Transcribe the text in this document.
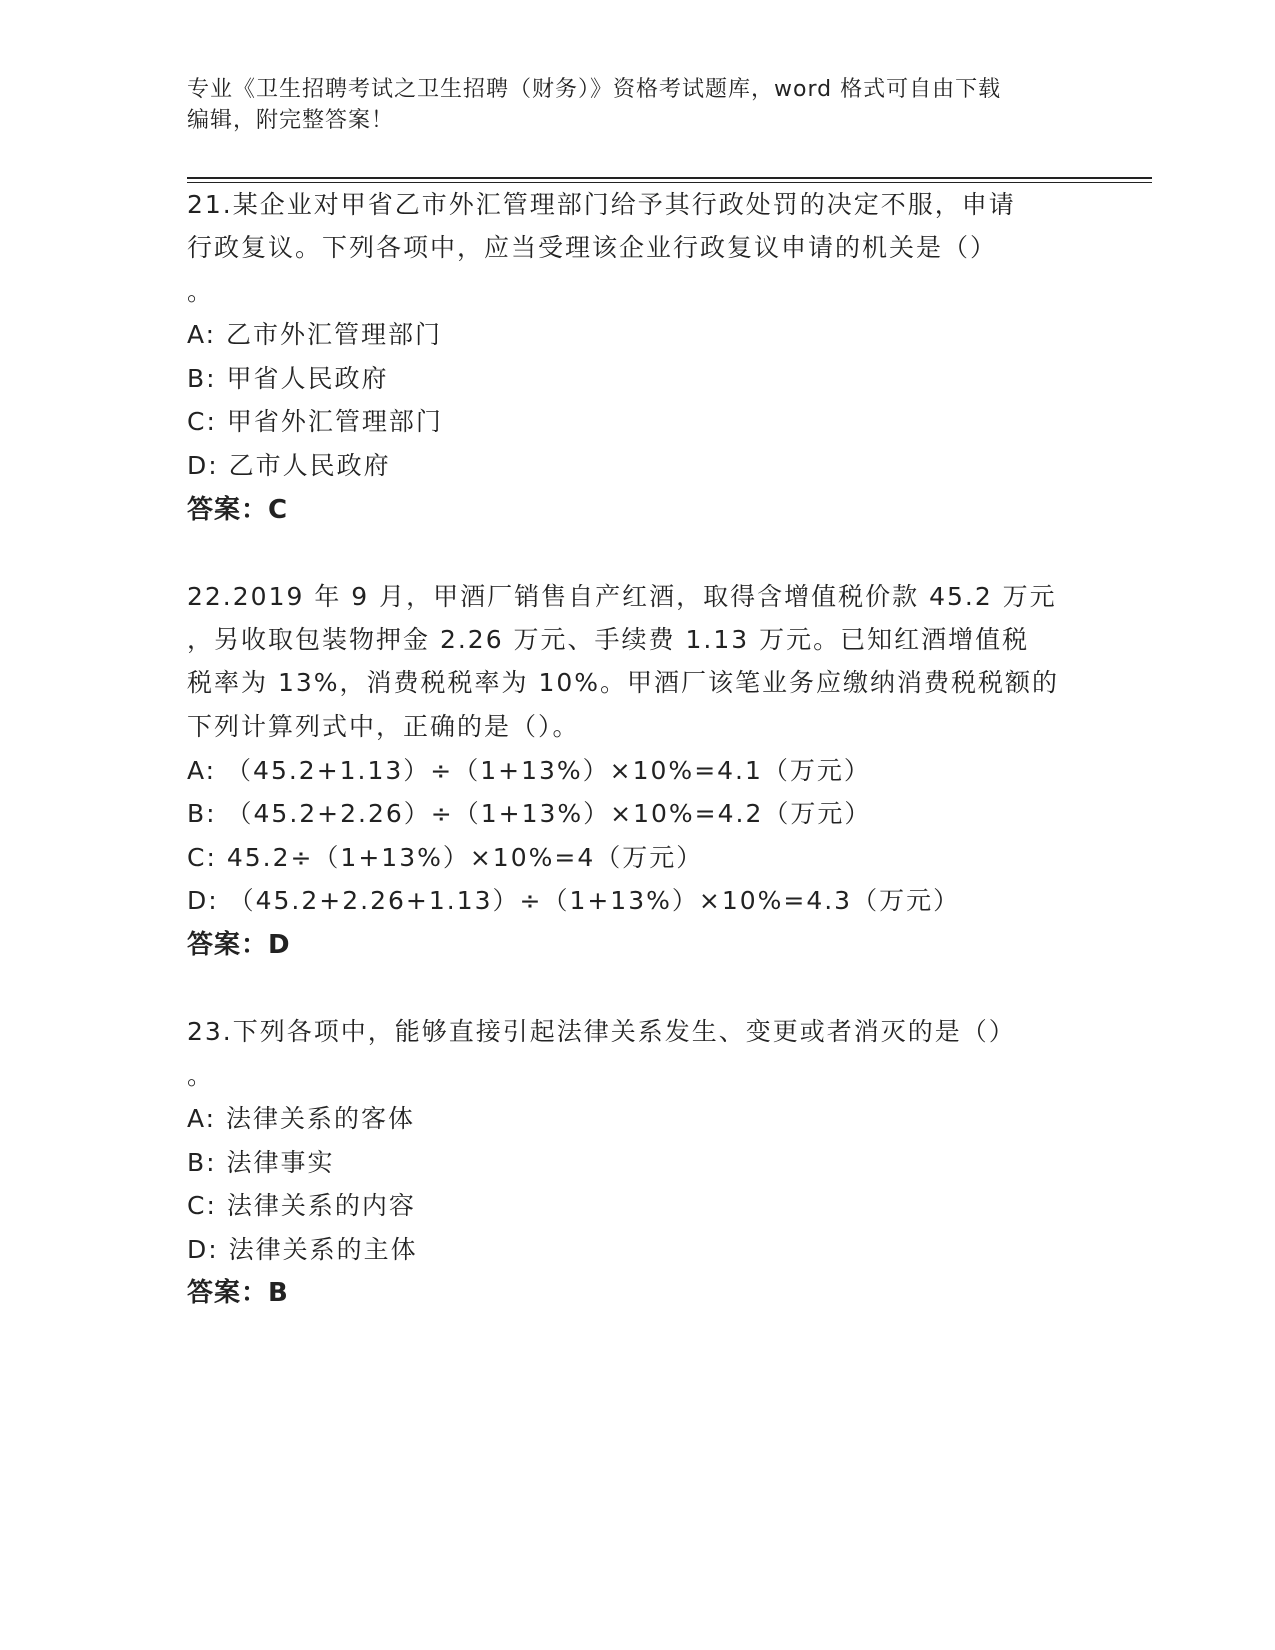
专业《卫生招聘考试之卫生招聘（财务）》资格考试题库，word 格式可自由下载
编辑，附完整答案！
21.某企业对甲省乙市外汇管理部门给予其行政处罚的决定不服，申请
行政复议。下列各项中，应当受理该企业行政复议申请的机关是（）
。
A: 乙市外汇管理部门
B: 甲省人民政府
C: 甲省外汇管理部门
D: 乙市人民政府
答案：C
22.2019 年 9 月，甲酒厂销售自产红酒，取得含增值税价款 45.2 万元
，另收取包装物押金 2.26 万元、手续费 1.13 万元。已知红酒增值税
税率为 13%，消费税税率为 10%。甲酒厂该笔业务应缴纳消费税税额的
下列计算列式中，正确的是（）。
A: （45.2+1.13）÷（1+13%）×10%=4.1（万元）
B: （45.2+2.26）÷（1+13%）×10%=4.2（万元）
C: 45.2÷（1+13%）×10%=4（万元）
D: （45.2+2.26+1.13）÷（1+13%）×10%=4.3（万元）
答案：D
23.下列各项中，能够直接引起法律关系发生、变更或者消灭的是（）
。
A: 法律关系的客体
B: 法律事实
C: 法律关系的内容
D: 法律关系的主体
答案：B
